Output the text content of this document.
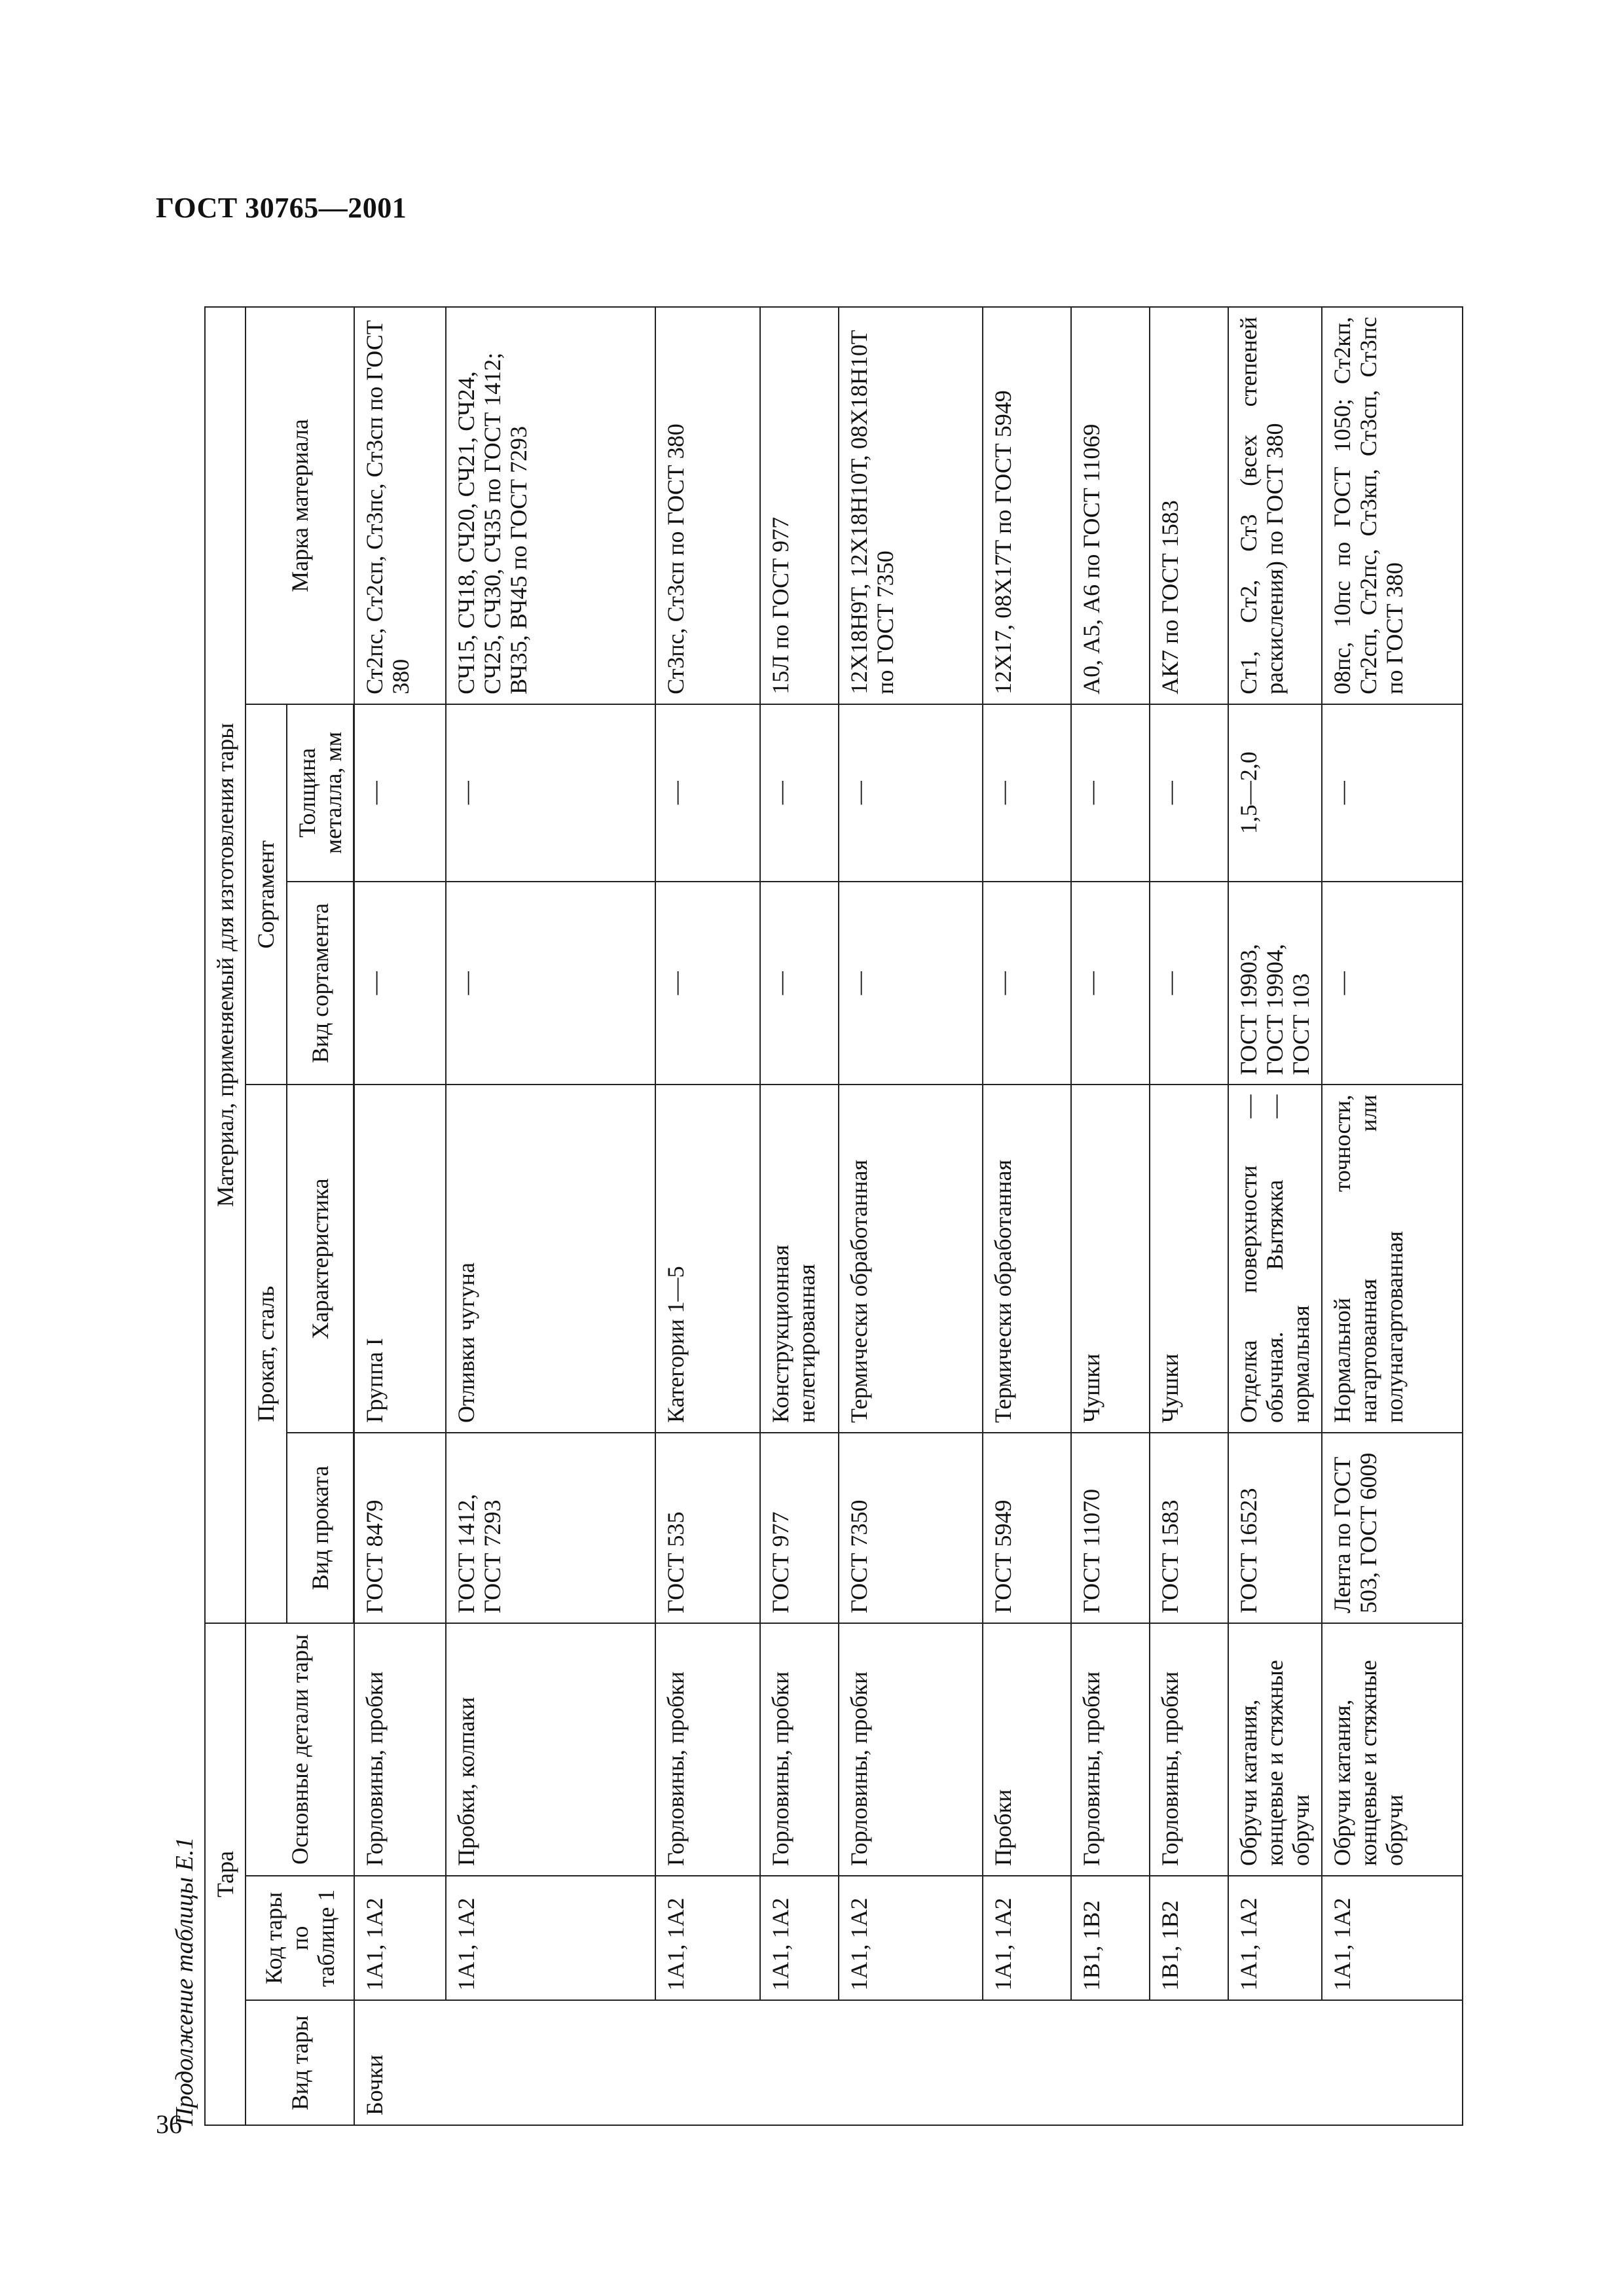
ГОСТ 30765—2001
Продолжение таблицы Е.1 Тара			Материал, применяемый для изготовления тары				
Вид тары	Код тары по таблице 1	Основные детали тары	Прокат, сталь		Сортамент		Марка материала
			Вид проката	Характеристика	Вид сортамента	Толщина металла, мм	
Бочки	1А1, 1А2	Горловины, пробки	ГОСТ 8479	Группа I	—	—	Ст2пс, Ст2сп, Ст3пс, Ст3сп по ГОСТ 380
	1А1, 1А2	Пробки, колпаки	ГОСТ 1412, ГОСТ 7293	Отливки чугуна	—	—	СЧ15, СЧ18, СЧ20, СЧ21, СЧ24, СЧ25, СЧ30, СЧ35 по ГОСТ 1412; ВЧ35, ВЧ45 по ГОСТ 7293
	1А1, 1А2	Горловины, пробки	ГОСТ 535	Категории 1—5	—	—	Ст3пс, Ст3сп по ГОСТ 380
	1А1, 1А2	Горловины, пробки	ГОСТ 977	Конструкционная нелегированная	—	—	15Л по ГОСТ 977
	1А1, 1А2	Горловины, пробки	ГОСТ 7350	Термически обработанная	—	—	12Х18Н9Т, 12Х18Н10Т, 08Х18Н10Т по ГОСТ 7350
	1А1, 1А2	Пробки	ГОСТ 5949	Термически обработанная	—	—	12Х17, 08Х17Т по ГОСТ 5949
	1В1, 1В2	Горловины, пробки	ГОСТ 11070	Чушки	—	—	А0, А5, А6 по ГОСТ 11069
	1В1, 1В2	Горловины, пробки	ГОСТ 1583	Чушки	—	—	АК7 по ГОСТ 1583
	1А1, 1А2	Обручи катания, концевые и стяжные обручи	ГОСТ 16523	Отделка поверхности — обычная. Вытяжка — нормальная	ГОСТ 19903, ГОСТ 19904, ГОСТ 103	1,5—2,0	Ст1, Ст2, Ст3 (всех степеней раскисления) по ГОСТ 380
	1А1, 1А2	Обручи катания, концевые и стяжные обручи	Лента по ГОСТ 503, ГОСТ 6009	Нормальной точности, нагартованная или полунагартованная	—	—	08пс, 10пс по ГОСТ 1050; Ст2кп, Ст2сп, Ст2пс, Ст3кп, Ст3сп, Ст3пс по ГОСТ 380
36
